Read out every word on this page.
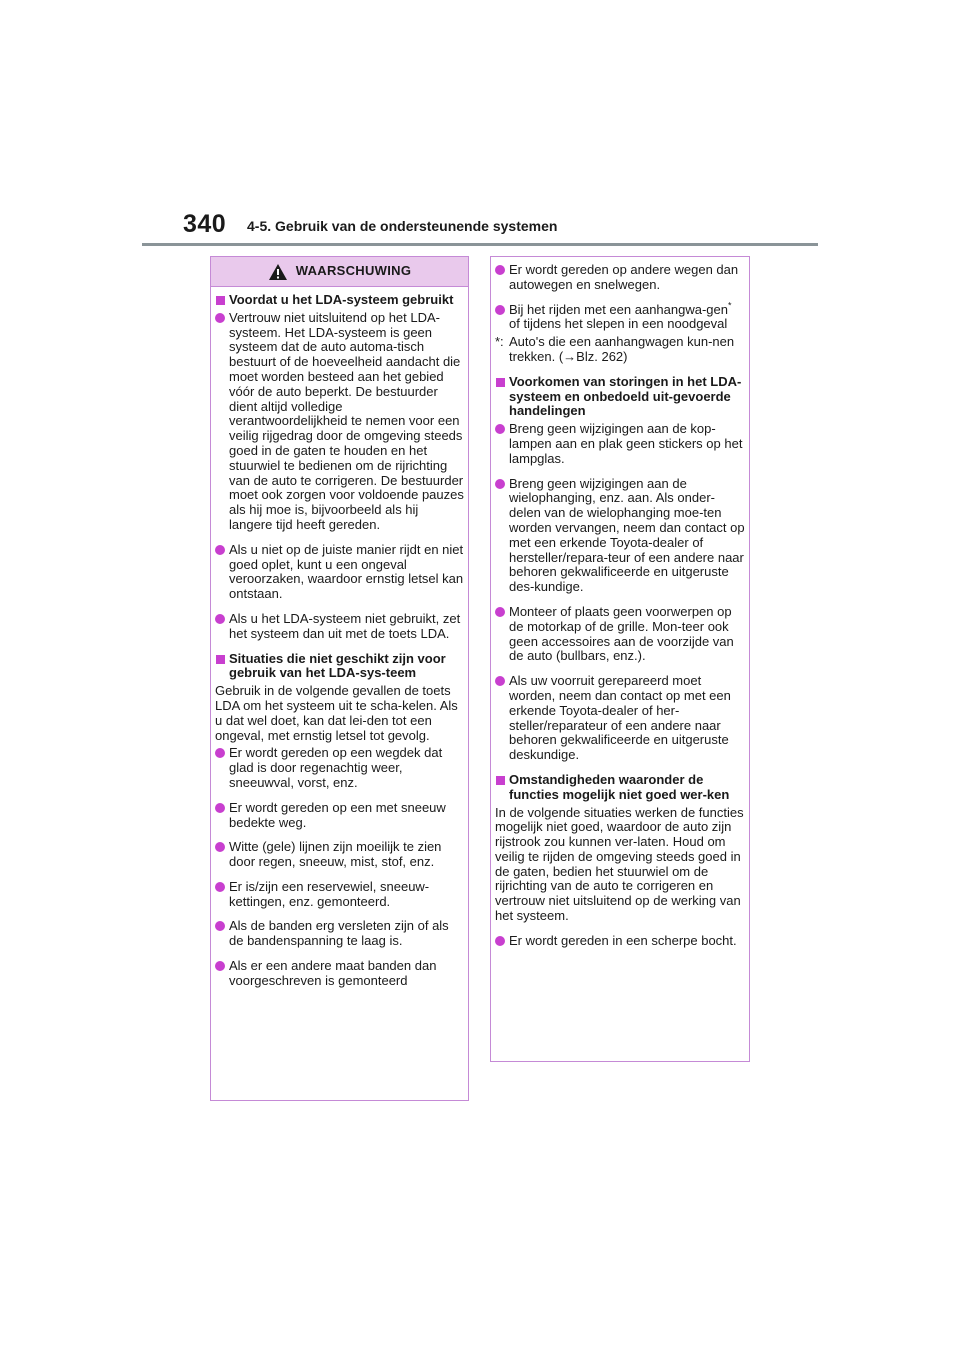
340 4-5. Gebruik van de ondersteunende systemen
WAARSCHUWING
Voordat u het LDA-systeem gebruikt
Vertrouw niet uitsluitend op het LDA-systeem. Het LDA-systeem is geen systeem dat de auto automa-tisch bestuurt of de hoeveelheid aandacht die moet worden besteed aan het gebied vóór de auto beperkt. De bestuurder dient altijd volledige verantwoordelijkheid te nemen voor een veilig rijgedrag door de omgeving steeds goed in de gaten te houden en het stuurwiel te bedienen om de rijrichting van de auto te corrigeren. De bestuurder moet ook zorgen voor voldoende pauzes als hij moe is, bijvoorbeeld als hij langere tijd heeft gereden.
Als u niet op de juiste manier rijdt en niet goed oplet, kunt u een ongeval veroorzaken, waardoor ernstig letsel kan ontstaan.
Als u het LDA-systeem niet gebruikt, zet het systeem dan uit met de toets LDA.
Situaties die niet geschikt zijn voor gebruik van het LDA-sys-teem
Gebruik in de volgende gevallen de toets LDA om het systeem uit te scha-kelen. Als u dat wel doet, kan dat lei-den tot een ongeval, met ernstig letsel tot gevolg.
Er wordt gereden op een wegdek dat glad is door regenachtig weer, sneeuwval, vorst, enz.
Er wordt gereden op een met sneeuw bedekte weg.
Witte (gele) lijnen zijn moeilijk te zien door regen, sneeuw, mist, stof, enz.
Er is/zijn een reservewiel, sneeuw-kettingen, enz. gemonteerd.
Als de banden erg versleten zijn of als de bandenspanning te laag is.
Als er een andere maat banden dan voorgeschreven is gemonteerd
Er wordt gereden op andere wegen dan autowegen en snelwegen.
Bij het rijden met een aanhangwa-gen* of tijdens het slepen in een noodgeval
*: Auto's die een aanhangwagen kun-nen trekken. (→Blz. 262)
Voorkomen van storingen in het LDA-systeem en onbedoeld uit-gevoerde handelingen
Breng geen wijzigingen aan de kop-lampen aan en plak geen stickers op het lampglas.
Breng geen wijzigingen aan de wielophanging, enz. aan. Als onder-delen van de wielophanging moe-ten worden vervangen, neem dan contact op met een erkende Toyota-dealer of hersteller/repara-teur of een andere naar behoren gekwalificeerde en uitgeruste des-kundige.
Monteer of plaats geen voorwerpen op de motorkap of de grille. Mon-teer ook geen accessoires aan de voorzijde van de auto (bullbars, enz.).
Als uw voorruit gerepareerd moet worden, neem dan contact op met een erkende Toyota-dealer of her-steller/reparateur of een andere naar behoren gekwalificeerde en uitgeruste deskundige.
Omstandigheden waaronder de functies mogelijk niet goed wer-ken
In de volgende situaties werken de functies mogelijk niet goed, waardoor de auto zijn rijstrook zou kunnen ver-laten. Houd om veilig te rijden de omgeving steeds goed in de gaten, bedien het stuurwiel om de rijrichting van de auto te corrigeren en vertrouw niet uitsluitend op de werking van het systeem.
Er wordt gereden in een scherpe bocht.
